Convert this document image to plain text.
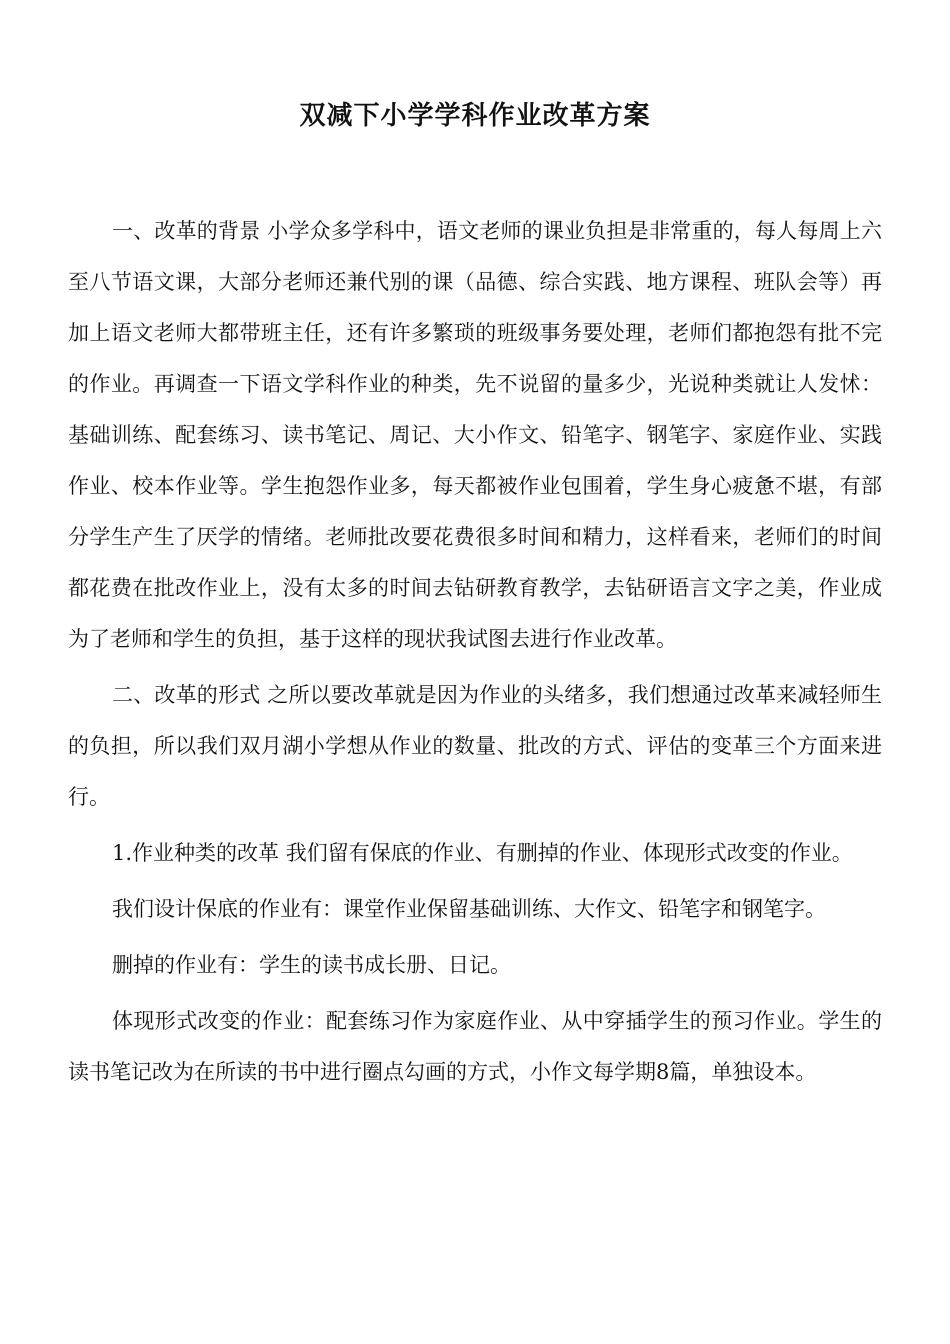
双减下小学学科作业改革方案

一、改革的背景 小学众多学科中，语文老师的课业负担是非常重的，每人每周上六至八节语文课，大部分老师还兼代别的课（品德、综合实践、地方课程、班队会等）再加上语文老师大都带班主任，还有许多繁琐的班级事务要处理，老师们都抱怨有批不完的作业。再调查一下语文学科作业的种类，先不说留的量多少，光说种类就让人发怵：基础训练、配套练习、读书笔记、周记、大小作文、铅笔字、钢笔字、家庭作业、实践作业、校本作业等。学生抱怨作业多，每天都被作业包围着，学生身心疲惫不堪，有部分学生产生了厌学的情绪。老师批改要花费很多时间和精力，这样看来，老师们的时间都花费在批改作业上，没有太多的时间去钻研教育教学，去钻研语言文字之美，作业成为了老师和学生的负担，基于这样的现状我试图去进行作业改革。

二、改革的形式 之所以要改革就是因为作业的头绪多，我们想通过改革来减轻师生的负担，所以我们双月湖小学想从作业的数量、批改的方式、评估的变革三个方面来进行。

1.作业种类的改革 我们留有保底的作业、有删掉的作业、体现形式改变的作业。

我们设计保底的作业有：课堂作业保留基础训练、大作文、铅笔字和钢笔字。

删掉的作业有：学生的读书成长册、日记。

体现形式改变的作业：配套练习作为家庭作业、从中穿插学生的预习作业。学生的读书笔记改为在所读的书中进行圈点勾画的方式，小作文每学期8篇，单独设本。
